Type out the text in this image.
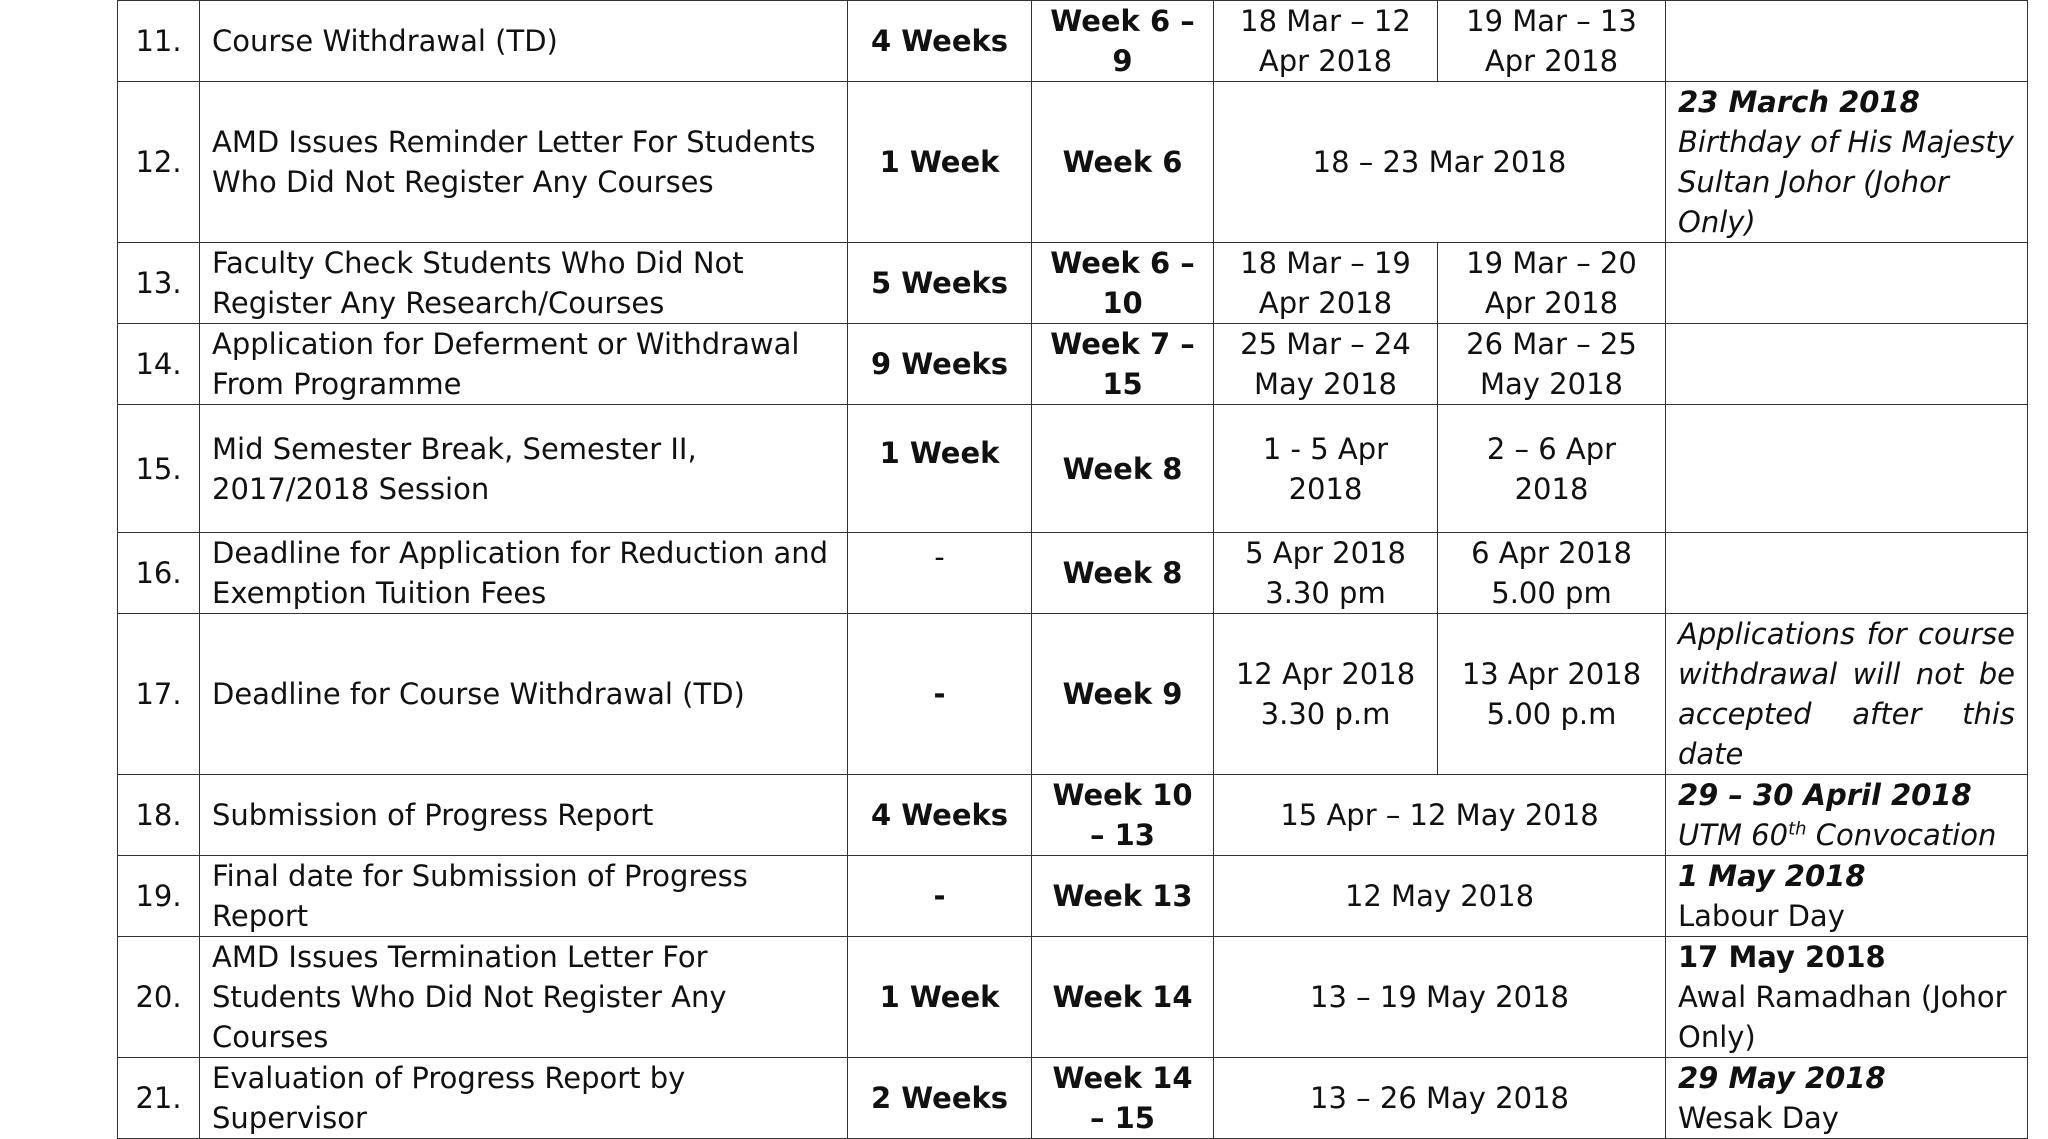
11.	Course Withdrawal (TD)	4 Weeks	Week 6 – 9	18 Mar – 12 Apr 2018	19 Mar – 13 Apr 2018	
12.	AMD Issues Reminder Letter For Students Who Did Not Register Any Courses	1 Week	Week 6	18 – 23 Mar 2018		23 March 2018
Birthday of His Majesty Sultan Johor (Johor Only)

13.	Faculty Check Students Who Did Not Register Any Research/Courses	5 Weeks	Week 6 – 10	18 Mar – 19 Apr 2018	19 Mar – 20 Apr 2018	
14.	Application for Deferment or Withdrawal From Programme	9 Weeks	Week 7 – 15	25 Mar – 24 May 2018	26 Mar – 25 May 2018	
15.	Mid Semester Break, Semester II, 2017/2018 Session	1 Week	Week 8	1 - 5 Apr 2018	2 – 6 Apr 2018	
16.	Deadline for Application for Reduction and Exemption Tuition Fees	-	Week 8	5 Apr 2018 3.30 pm	6 Apr 2018 5.00 pm	
17.	Deadline for Course Withdrawal (TD)	-	Week 9	12 Apr 2018 3.30 p.m	13 Apr 2018 5.00 p.m	Applications for course withdrawal will not be accepted after this date
18.	Submission of Progress Report	4 Weeks	Week 10 – 13	15 Apr – 12 May 2018		29 – 30 April 2018
UTM 60th Convocation

19.	Final date for Submission of Progress Report	-	Week 13	12 May 2018		1 May 2018
Labour Day

20.	AMD Issues Termination Letter For Students Who Did Not Register Any Courses	1 Week	Week 14	13 – 19 May 2018		17 May 2018
Awal Ramadhan (Johor Only)

21.	Evaluation of Progress Report by Supervisor	2 Weeks	Week 14 – 15	13 – 26 May 2018		29 May 2018
Wesak Day
